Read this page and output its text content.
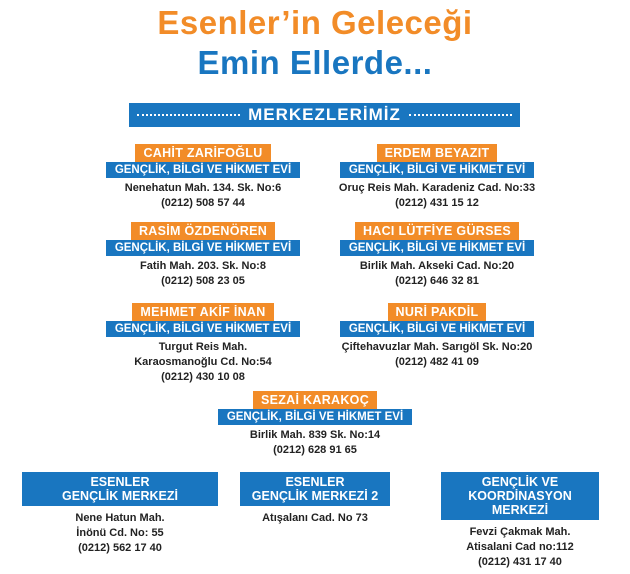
Esenler’in Geleceği
Emin Ellerde...
MERKEZLERİMİZ
CAHİT ZARİFOĞLU
GENÇLİK, BİLGİ VE HİKMET EVİ
Nenehatun Mah. 134. Sk. No:6
(0212) 508 57 44
ERDEM BEYAZIT
GENÇLİK, BİLGİ VE HİKMET EVİ
Oruç Reis Mah. Karadeniz Cad. No:33
(0212) 431 15 12
RASİM ÖZDENÖREN
GENÇLİK, BİLGİ VE HİKMET EVİ
Fatih Mah. 203. Sk. No:8
(0212) 508 23 05
HACI LÜTFİYE GÜRSES
GENÇLİK, BİLGİ VE HİKMET EVİ
Birlik Mah. Akseki Cad. No:20
(0212) 646 32 81
MEHMET AKİF İNAN
GENÇLİK, BİLGİ VE HİKMET EVİ
Turgut Reis Mah.
Karaosmanoğlu Cd. No:54
(0212) 430 10 08
NURİ PAKDİL
GENÇLİK, BİLGİ VE HİKMET EVİ
Çiftehavuzlar Mah. Sarıgöl Sk. No:20
(0212) 482 41 09
SEZAİ KARAKOÇ
GENÇLİK, BİLGİ VE HİKMET EVİ
Birlik Mah. 839 Sk. No:14
(0212) 628 91 65
ESENLER
GENÇLİK MERKEZİ
Nene Hatun Mah.
İnönü Cd. No: 55
(0212) 562 17 40
ESENLER
GENÇLİK MERKEZİ 2
Atışalanı Cad. No 73
GENÇLİK VE
KOORDİNASYON MERKEZİ
Fevzi Çakmak Mah.
Atisalani Cad no:112
(0212) 431 17 40
